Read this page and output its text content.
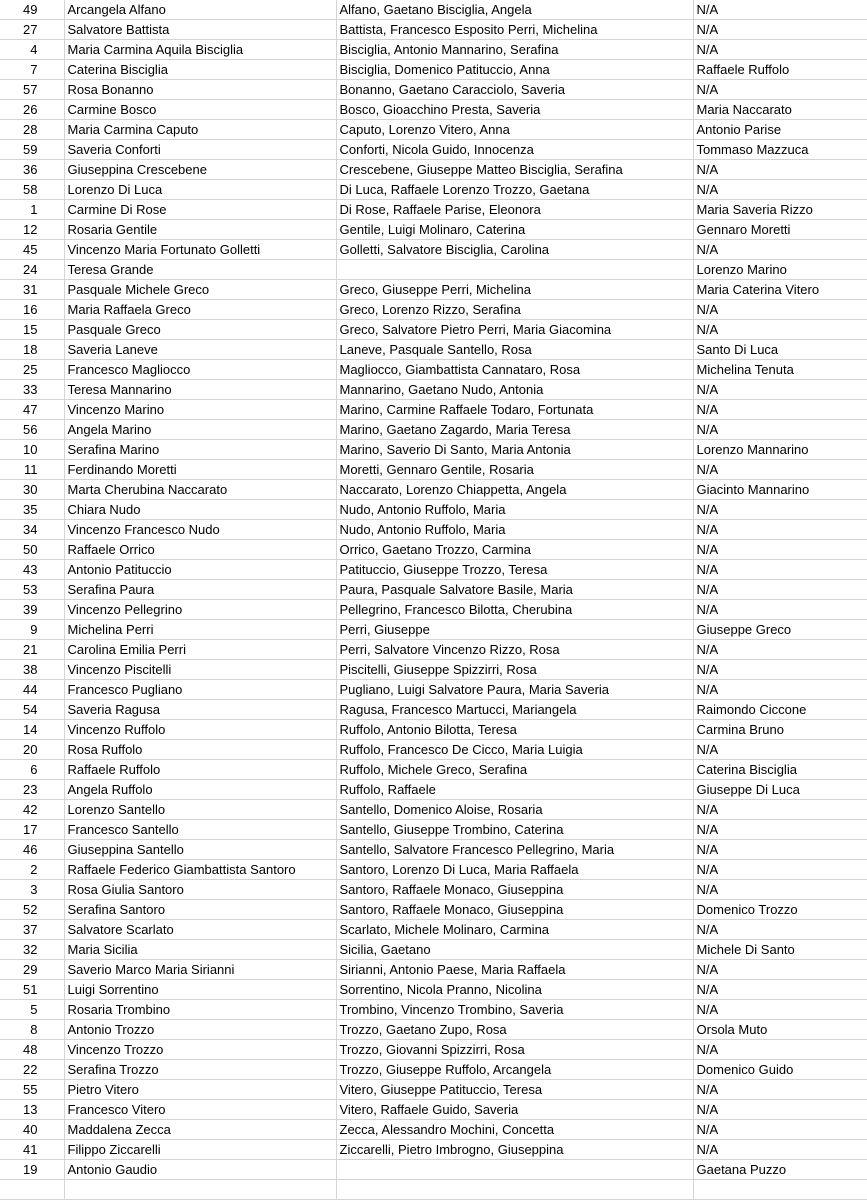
49	Arcangela Alfano	Alfano, Gaetano Bisciglia, Angela	N/A
27	Salvatore Battista	Battista, Francesco Esposito Perri, Michelina	N/A
4	Maria Carmina Aquila Bisciglia	Bisciglia, Antonio Mannarino, Serafina	N/A
7	Caterina Bisciglia	Bisciglia, Domenico Patituccio, Anna	Raffaele Ruffolo
57	Rosa Bonanno	Bonanno, Gaetano Caracciolo, Saveria	N/A
26	Carmine Bosco	Bosco, Gioacchino Presta, Saveria	Maria Naccarato
28	Maria Carmina Caputo	Caputo, Lorenzo Vitero, Anna	Antonio Parise
59	Saveria Conforti	Conforti, Nicola Guido, Innocenza	Tommaso Mazzuca
36	Giuseppina Crescebene	Crescebene, Giuseppe Matteo Bisciglia, Serafina	N/A
58	Lorenzo Di Luca	Di Luca, Raffaele Lorenzo Trozzo, Gaetana	N/A
1	Carmine Di Rose	Di Rose, Raffaele Parise, Eleonora	Maria Saveria Rizzo
12	Rosaria Gentile	Gentile, Luigi Molinaro, Caterina	Gennaro Moretti
45	Vincenzo Maria Fortunato Golletti	Golletti, Salvatore Bisciglia, Carolina	N/A
24	Teresa Grande		Lorenzo Marino
31	Pasquale Michele Greco	Greco, Giuseppe Perri, Michelina	Maria Caterina Vitero
16	Maria Raffaela Greco	Greco, Lorenzo Rizzo, Serafina	N/A
15	Pasquale Greco	Greco, Salvatore Pietro Perri, Maria Giacomina	N/A
18	Saveria Laneve	Laneve, Pasquale Santello, Rosa	Santo Di Luca
25	Francesco Magliocco	Magliocco, Giambattista Cannataro, Rosa	Michelina Tenuta
33	Teresa Mannarino	Mannarino, Gaetano Nudo, Antonia	N/A
47	Vincenzo Marino	Marino, Carmine Raffaele Todaro, Fortunata	N/A
56	Angela Marino	Marino, Gaetano Zagardo, Maria Teresa	N/A
10	Serafina Marino	Marino, Saverio Di Santo, Maria Antonia	Lorenzo Mannarino
11	Ferdinando Moretti	Moretti, Gennaro Gentile, Rosaria	N/A
30	Marta Cherubina Naccarato	Naccarato, Lorenzo Chiappetta, Angela	Giacinto Mannarino
35	Chiara Nudo	Nudo, Antonio Ruffolo, Maria	N/A
34	Vincenzo Francesco Nudo	Nudo, Antonio Ruffolo, Maria	N/A
50	Raffaele Orrico	Orrico, Gaetano Trozzo, Carmina	N/A
43	Antonio Patituccio	Patituccio, Giuseppe Trozzo, Teresa	N/A
53	Serafina Paura	Paura, Pasquale Salvatore Basile, Maria	N/A
39	Vincenzo Pellegrino	Pellegrino, Francesco Bilotta, Cherubina	N/A
9	Michelina Perri	Perri, Giuseppe	Giuseppe Greco
21	Carolina Emilia Perri	Perri, Salvatore Vincenzo Rizzo, Rosa	N/A
38	Vincenzo Piscitelli	Piscitelli, Giuseppe Spizzirri, Rosa	N/A
44	Francesco Pugliano	Pugliano, Luigi Salvatore Paura, Maria Saveria	N/A
54	Saveria Ragusa	Ragusa, Francesco Martucci, Mariangela	Raimondo Ciccone
14	Vincenzo Ruffolo	Ruffolo, Antonio Bilotta, Teresa	Carmina Bruno
20	Rosa Ruffolo	Ruffolo, Francesco De Cicco, Maria Luigia	N/A
6	Raffaele Ruffolo	Ruffolo, Michele Greco, Serafina	Caterina Bisciglia
23	Angela Ruffolo	Ruffolo, Raffaele	Giuseppe Di Luca
42	Lorenzo Santello	Santello, Domenico Aloise, Rosaria	N/A
17	Francesco Santello	Santello, Giuseppe Trombino, Caterina	N/A
46	Giuseppina Santello	Santello, Salvatore Francesco Pellegrino, Maria	N/A
2	Raffaele Federico Giambattista Santoro	Santoro, Lorenzo Di Luca, Maria Raffaela	N/A
3	Rosa Giulia Santoro	Santoro, Raffaele Monaco, Giuseppina	N/A
52	Serafina Santoro	Santoro, Raffaele Monaco, Giuseppina	Domenico Trozzo
37	Salvatore Scarlato	Scarlato, Michele Molinaro, Carmina	N/A
32	Maria Sicilia	Sicilia, Gaetano	Michele Di Santo
29	Saverio Marco Maria Sirianni	Sirianni, Antonio Paese, Maria Raffaela	N/A
51	Luigi Sorrentino	Sorrentino, Nicola Pranno, Nicolina	N/A
5	Rosaria Trombino	Trombino, Vincenzo Trombino, Saveria	N/A
8	Antonio Trozzo	Trozzo, Gaetano Zupo, Rosa	Orsola Muto
48	Vincenzo Trozzo	Trozzo, Giovanni Spizzirri, Rosa	N/A
22	Serafina Trozzo	Trozzo, Giuseppe Ruffolo, Arcangela	Domenico Guido
55	Pietro Vitero	Vitero, Giuseppe Patituccio, Teresa	N/A
13	Francesco Vitero	Vitero, Raffaele Guido, Saveria	N/A
40	Maddalena Zecca	Zecca, Alessandro Mochini, Concetta	N/A
41	Filippo Ziccarelli	Ziccarelli, Pietro Imbrogno, Giuseppina	N/A
19	Antonio Gaudio		Gaetana Puzzo
